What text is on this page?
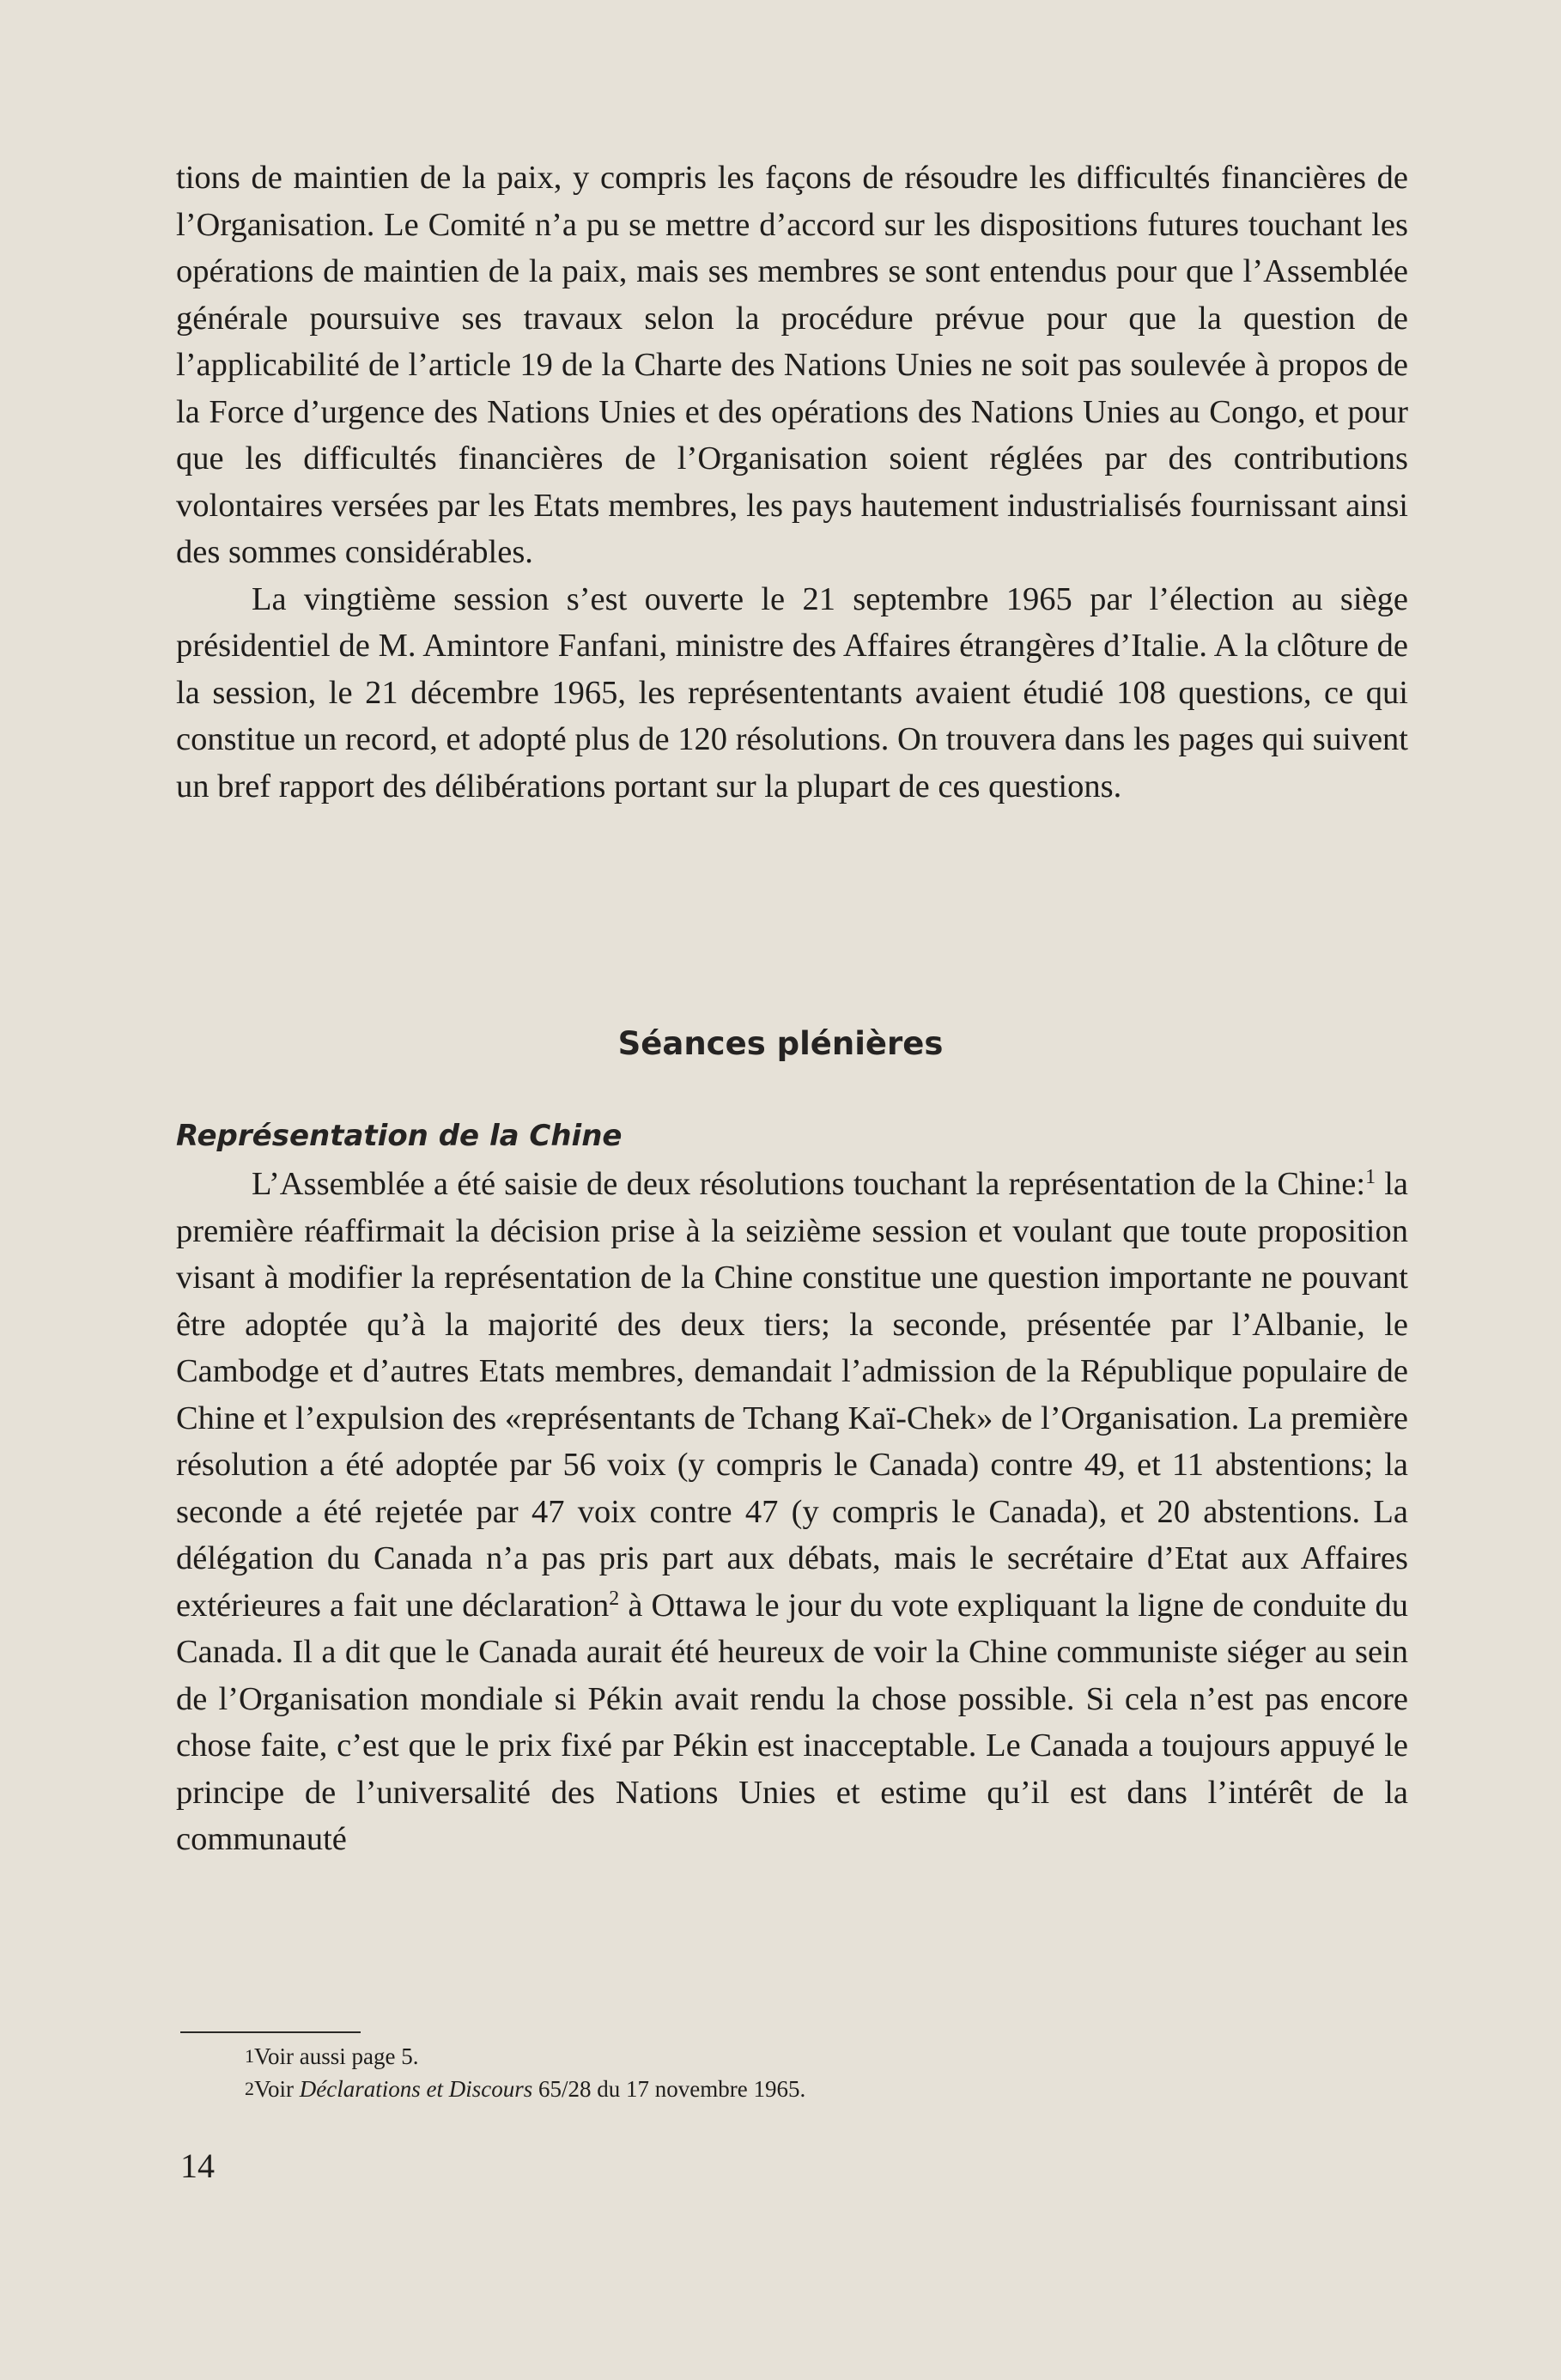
tions de maintien de la paix, y compris les façons de résoudre les difficultés financières de l’Organisation. Le Comité n’a pu se mettre d’accord sur les dispositions futures touchant les opérations de maintien de la paix, mais ses membres se sont entendus pour que l’Assemblée générale poursuive ses travaux selon la procédure prévue pour que la question de l’applicabilité de l’article 19 de la Charte des Nations Unies ne soit pas soulevée à propos de la Force d’urgence des Nations Unies et des opérations des Nations Unies au Congo, et pour que les difficultés financières de l’Organisation soient réglées par des contributions volontaires versées par les Etats membres, les pays hautement industrialisés fournissant ainsi des sommes considérables.

La vingtième session s’est ouverte le 21 septembre 1965 par l’élection au siège présidentiel de M. Amintore Fanfani, ministre des Affaires étrangères d’Italie. A la clôture de la session, le 21 décembre 1965, les représententants avaient étudié 108 questions, ce qui constitue un record, et adopté plus de 120 résolutions. On trouvera dans les pages qui suivent un bref rapport des délibérations portant sur la plupart de ces questions.

Séances plénières
Représentation de la Chine

L’Assemblée a été saisie de deux résolutions touchant la représentation de la Chine:$^1$ la première réaffirmait la décision prise à la seizième session et voulant que toute proposition visant à modifier la représentation de la Chine constitue une question importante ne pouvant être adoptée qu’à la majorité des deux tiers; la seconde, présentée par l’Albanie, le Cambodge et d’autres Etats membres, demandait l’admission de la République populaire de Chine et l’expulsion des «représentants de Tchang Kaï-Chek» de l’Organisation. La première résolution a été adoptée par 56 voix (y compris le Canada) contre 49, et 11 abstentions; la seconde a été rejetée par 47 voix contre 47 (y compris le Canada), et 20 abstentions. La délégation du Canada n’a pas pris part aux débats, mais le secrétaire d’Etat aux Affaires extérieures a fait une déclaration$^2$ à Ottawa le jour du vote expliquant la ligne de conduite du Canada. Il a dit que le Canada aurait été heureux de voir la Chine communiste siéger au sein de l’Organisation mondiale si Pékin avait rendu la chose possible. Si cela n’est pas encore chose faite, c’est que le prix fixé par Pékin est inacceptable. Le Canada a toujours appuyé le principe de l’universalité des Nations Unies et estime qu’il est dans l’intérêt de la communauté

1Voir aussi page 5.
2Voir Déclarations et Discours 65/28 du 17 novembre 1965.
14
